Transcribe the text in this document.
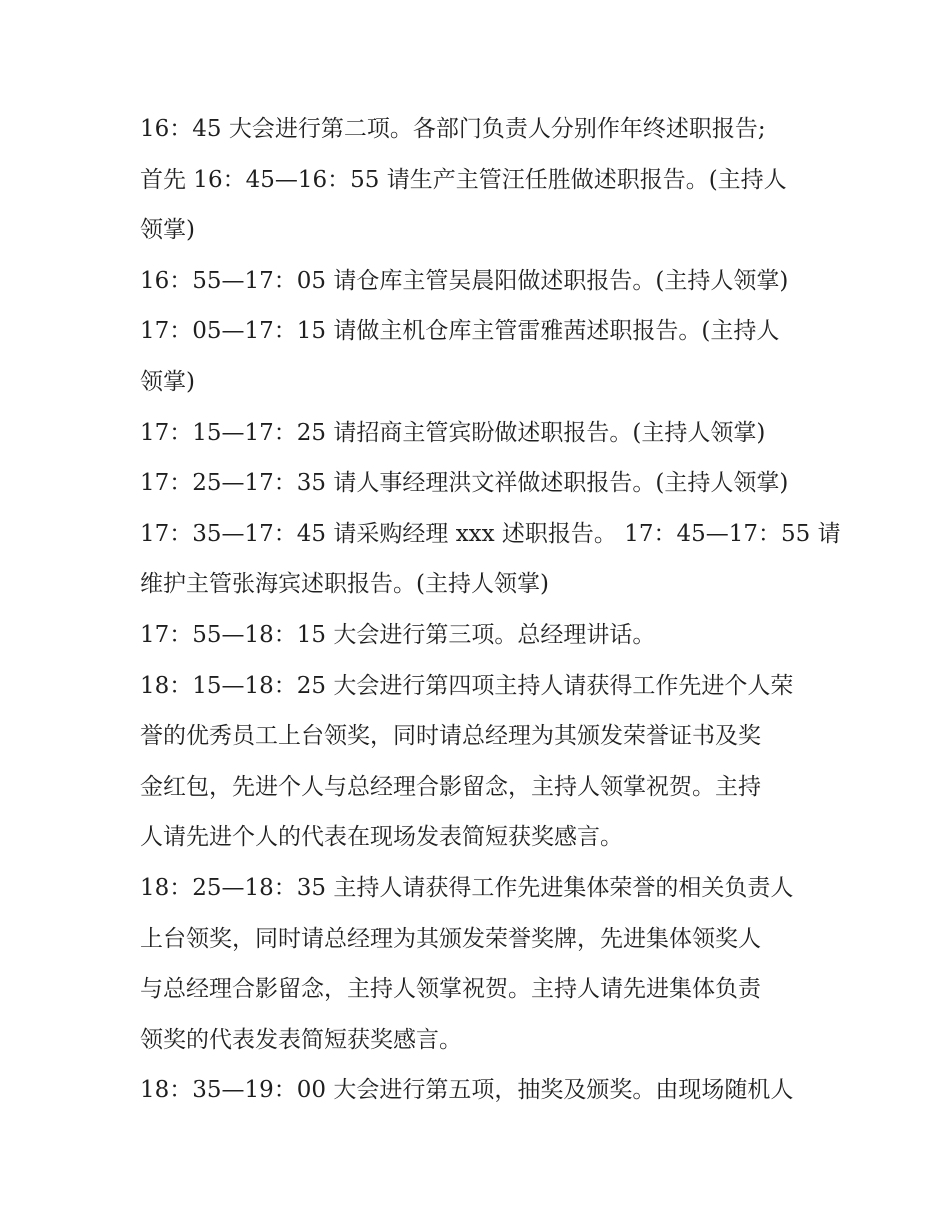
16：45 大会进行第二项。各部门负责人分别作年终述职报告;
首先 16：45—16：55 请生产主管汪任胜做述职报告。(主持人
领掌)

16：55—17：05 请仓库主管吴晨阳做述职报告。(主持人领掌)

17：05—17：15 请做主机仓库主管雷雅茜述职报告。(主持人
领掌)

17：15—17：25 请招商主管宾盼做述职报告。(主持人领掌)

17：25—17：35 请人事经理洪文祥做述职报告。(主持人领掌)

17：35—17：45 请采购经理 xxx 述职报告。 17：45—17：55 请
维护主管张海宾述职报告。(主持人领掌)

17：55—18：15 大会进行第三项。总经理讲话。

18：15—18：25 大会进行第四项主持人请获得工作先进个人荣
誉的优秀员工上台领奖，同时请总经理为其颁发荣誉证书及奖
金红包，先进个人与总经理合影留念，主持人领掌祝贺。主持
人请先进个人的代表在现场发表简短获奖感言。

18：25—18：35 主持人请获得工作先进集体荣誉的相关负责人
上台领奖，同时请总经理为其颁发荣誉奖牌，先进集体领奖人
与总经理合影留念，主持人领掌祝贺。主持人请先进集体负责
领奖的代表发表简短获奖感言。

18：35—19：00 大会进行第五项，抽奖及颁奖。由现场随机人
